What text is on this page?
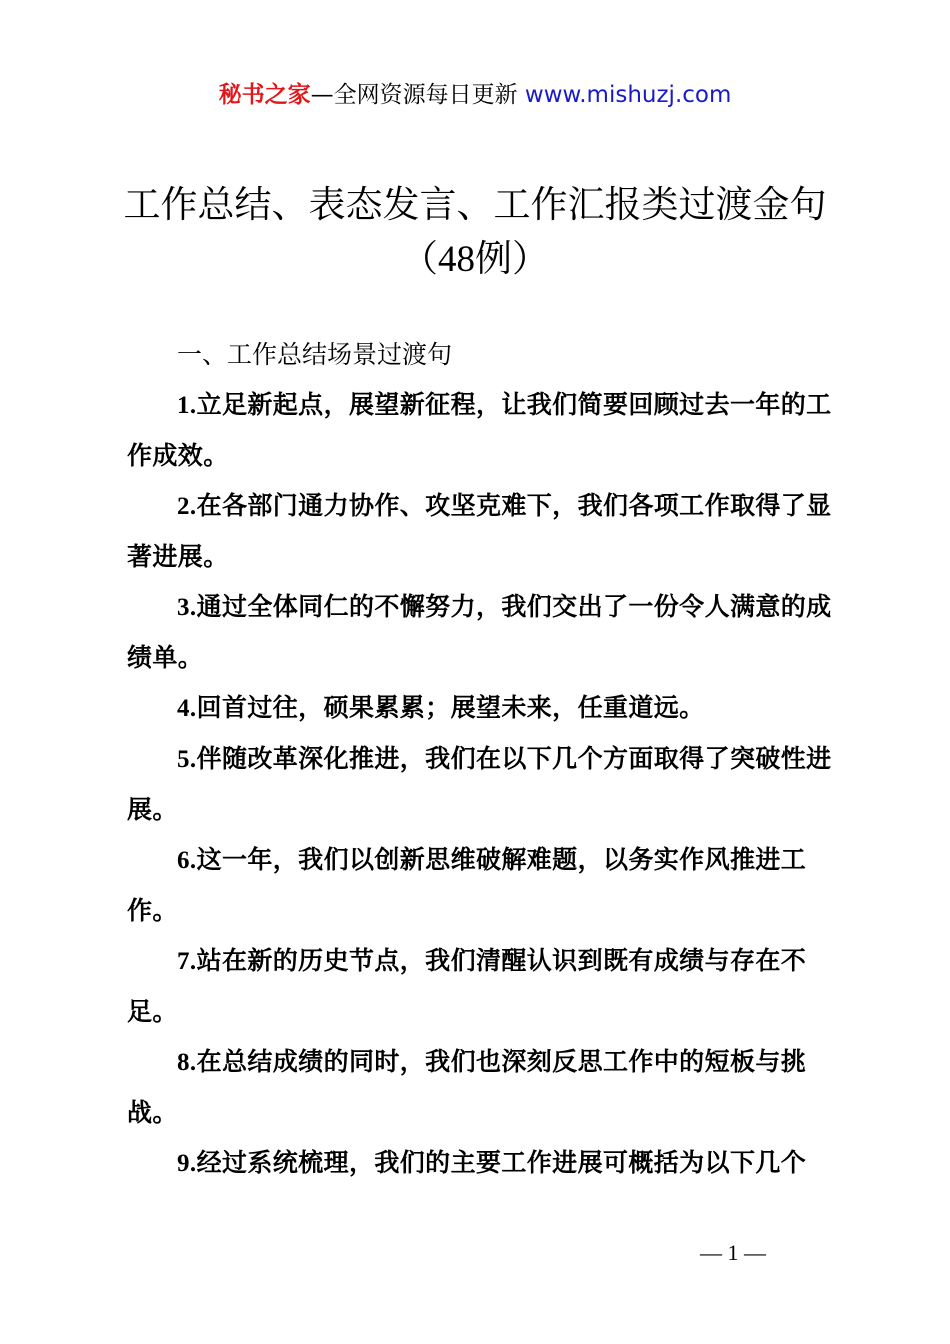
秘书之家—全网资源每日更新 www.mishuzj.com
工作总结、表态发言、工作汇报类过渡金句
（48例）

一、工作总结场景过渡句

1.立足新起点，展望新征程，让我们简要回顾过去一年的工作成效。

2.在各部门通力协作、攻坚克难下，我们各项工作取得了显著进展。

3.通过全体同仁的不懈努力，我们交出了一份令人满意的成绩单。

4.回首过往，硕果累累；展望未来，任重道远。

5.伴随改革深化推进，我们在以下几个方面取得了突破性进展。

6.这一年，我们以创新思维破解难题，以务实作风推进工作。

7.站在新的历史节点，我们清醒认识到既有成绩与存在不足。

8.在总结成绩的同时，我们也深刻反思工作中的短板与挑战。

9.经过系统梳理，我们的主要工作进展可概括为以下几个

— 1 —
